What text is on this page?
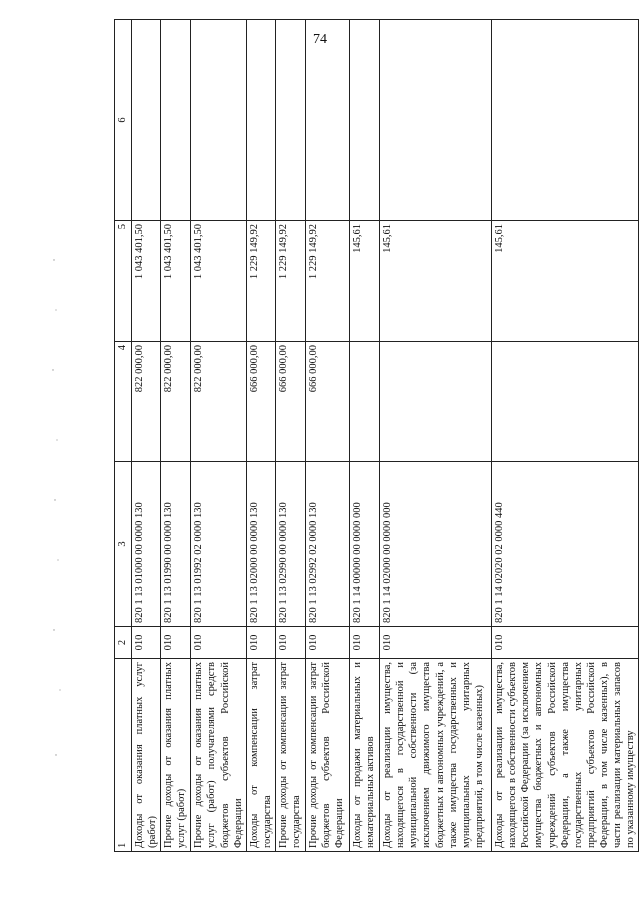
74
1	2	3	4	5	6
Доходы от оказания платных услуг (работ)	010	820 1 13 01000 00 0000 130	822 000,00	1 043 401,50	
Прочие доходы от оказания платных услуг (работ)	010	820 1 13 01990 00 0000 130	822 000,00	1 043 401,50	
Прочие доходы от оказания платных услуг (работ) получателями средств бюджетов субъектов Российской Федерации	010	820 1 13 01992 02 0000 130	822 000,00	1 043 401,50	
Доходы от компенсации затрат государства	010	820 1 13 02000 00 0000 130	666 000,00	1 229 149,92	
Прочие доходы от компенсации затрат государства	010	820 1 13 02990 00 0000 130	666 000,00	1 229 149,92	
Прочие доходы от компенсации затрат бюджетов субъектов Российской Федерации	010	820 1 13 02992 02 0000 130	666 000,00	1 229 149,92	
Доходы от продажи материальных и нематериальных активов	010	820 1 14 00000 00 0000 000		145,61	
Доходы от реализации имущества, находящегося в государственной и муниципальной собственности (за исключением движимого имущества бюджетных и автономных учреждений, а также имущества государственных и муниципальных унитарных предприятий, в том числе казенных)	010	820 1 14 02000 00 0000 000		145,61	
Доходы от реализации имущества, находящегося в собственности субъектов Российской Федерации (за исключением имущества бюджетных и автономных учреждений субъектов Российской Федерации, а также имущества государственных унитарных предприятий субъектов Российской Федерации, в том числе казенных), в части реализации материальных запасов по указанному имуществу	010	820 1 14 02020 02 0000 440		145,61	
